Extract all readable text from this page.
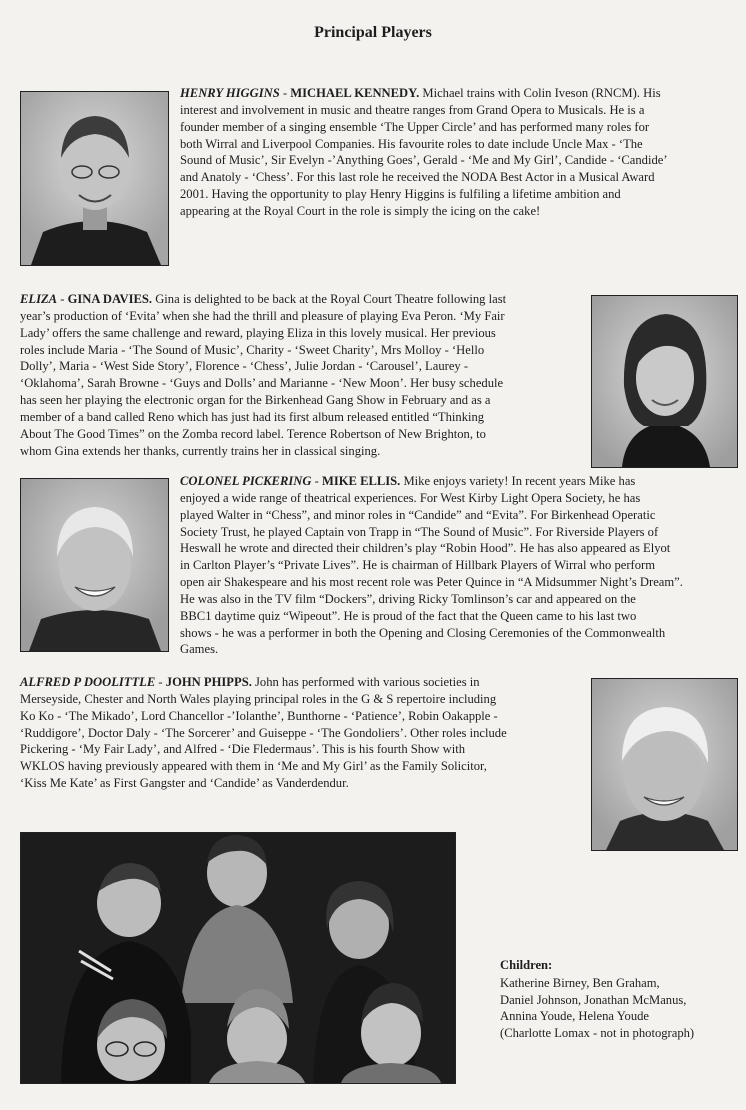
Principal Players

HENRY HIGGINS - MICHAEL KENNEDY. Michael trains with Colin Iveson (RNCM). His
interest and involvement in music and theatre ranges from Grand Opera to Musicals. He is a
founder member of a singing ensemble ‘The Upper Circle’ and has performed many roles for
both Wirral and Liverpool Companies. His favourite roles to date include Uncle Max - ‘The
Sound of Music’, Sir Evelyn -’Anything Goes’, Gerald - ‘Me and My Girl’, Candide - ‘Candide’
and Anatoly - ‘Chess’. For this last role he received the NODA Best Actor in a Musical Award
2001. Having the opportunity to play Henry Higgins is fulfiling a lifetime ambition and
appearing at the Royal Court in the role is simply the icing on the cake!

ELIZA - GINA DAVIES. Gina is delighted to be back at the Royal Court Theatre following last
year’s production of ‘Evita’ when she had the thrill and pleasure of playing Eva Peron. ‘My Fair
Lady’ offers the same challenge and reward, playing Eliza in this lovely musical. Her previous
roles include Maria - ‘The Sound of Music’, Charity - ‘Sweet Charity’, Mrs Molloy - ‘Hello
Dolly’, Maria - ‘West Side Story’, Florence - ‘Chess’, Julie Jordan - ‘Carousel’, Laurey -
‘Oklahoma’, Sarah Browne - ‘Guys and Dolls’ and Marianne - ‘New Moon’. Her busy schedule
has seen her playing the electronic organ for the Birkenhead Gang Show in February and as a
member of a band called Reno which has just had its first album released entitled “Thinking
About The Good Times” on the Zomba record label. Terence Robertson of New Brighton, to
whom Gina extends her thanks, currently trains her in classical singing.

COLONEL PICKERING - MIKE ELLIS. Mike enjoys variety! In recent years Mike has
enjoyed a wide range of theatrical experiences. For West Kirby Light Opera Society, he has
played Walter in “Chess”, and minor roles in “Candide” and “Evita”. For Birkenhead Operatic
Society Trust, he played Captain von Trapp in “The Sound of Music”. For Riverside Players of
Heswall he wrote and directed their children’s play “Robin Hood”. He has also appeared as Elyot
in Carlton Player’s “Private Lives”. He is chairman of Hillbark Players of Wirral who perform
open air Shakespeare and his most recent role was Peter Quince in “A Midsummer Night’s Dream”.
He was also in the TV film “Dockers”, driving Ricky Tomlinson’s car and appeared on the
BBC1 daytime quiz “Wipeout”. He is proud of the fact that the Queen came to his last two
shows - he was a performer in both the Opening and Closing Ceremonies of the Commonwealth
Games.

ALFRED P DOOLITTLE - JOHN PHIPPS. John has performed with various societies in
Merseyside, Chester and North Wales playing principal roles in the G & S repertoire including
Ko Ko - ‘The Mikado’, Lord Chancellor -’Iolanthe’, Bunthorne - ‘Patience’, Robin Oakapple -
‘Ruddigore’, Doctor Daly - ‘The Sorcerer’ and Guiseppe - ‘The Gondoliers’. Other roles include
Pickering - ‘My Fair Lady’, and Alfred - ‘Die Fledermaus’. This is his fourth Show with
WKLOS having previously appeared with them in ‘Me and My Girl’ as the Family Solicitor,
‘Kiss Me Kate’ as First Gangster and ‘Candide’ as Vanderdendur.

Children:
Katherine Birney, Ben Graham,
Daniel Johnson, Jonathan McManus,
Annina Youde, Helena Youde
(Charlotte Lomax - not in photograph)
